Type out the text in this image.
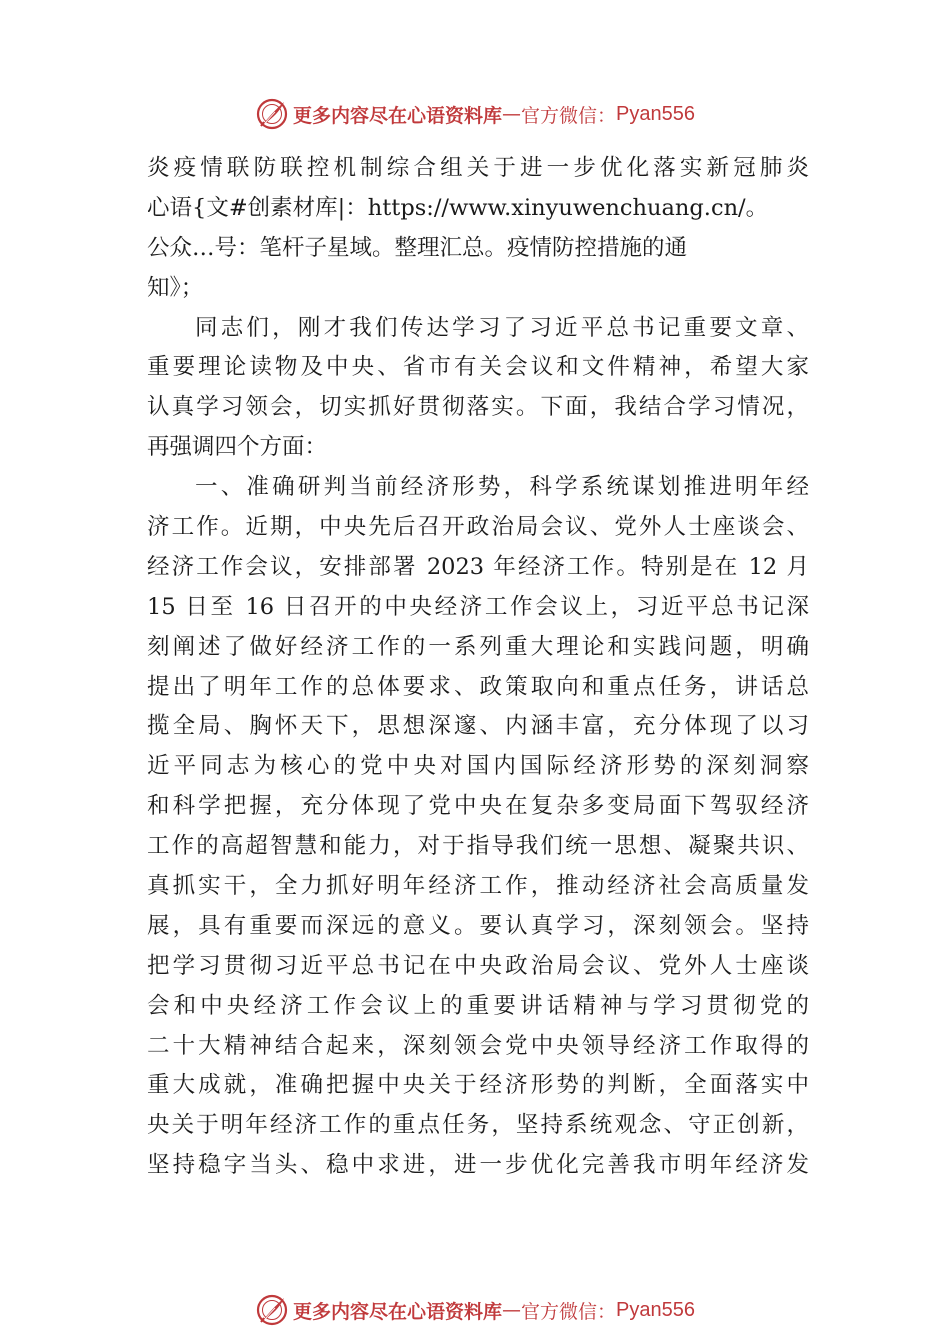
更多内容尽在心语资料库 — 官方微信： Pyan556
炎疫情联防联控机制综合组关于进一步优化落实新冠肺炎
心语{文#创素材库|：https://www.xinyuwenchuang.cn/。
公众…号：笔杆子星域。整理汇总。疫情防控措施的通
知》；
同志们，刚才我们传达学习了习近平总书记重要文章、
重要理论读物及中央、省市有关会议和文件精神，希望大家
认真学习领会，切实抓好贯彻落实。下面，我结合学习情况，
再强调四个方面：
一、准确研判当前经济形势，科学系统谋划推进明年经
济工作。近期，中央先后召开政治局会议、党外人士座谈会、
经济工作会议，安排部署 2023 年经济工作。特别是在 12 月
15 日至 16 日召开的中央经济工作会议上，习近平总书记深
刻阐述了做好经济工作的一系列重大理论和实践问题，明确
提出了明年工作的总体要求、政策取向和重点任务，讲话总
揽全局、胸怀天下，思想深邃、内涵丰富，充分体现了以习
近平同志为核心的党中央对国内国际经济形势的深刻洞察
和科学把握，充分体现了党中央在复杂多变局面下驾驭经济
工作的高超智慧和能力，对于指导我们统一思想、凝聚共识、
真抓实干，全力抓好明年经济工作，推动经济社会高质量发
展，具有重要而深远的意义。要认真学习，深刻领会。坚持
把学习贯彻习近平总书记在中央政治局会议、党外人士座谈
会和中央经济工作会议上的重要讲话精神与学习贯彻党的
二十大精神结合起来，深刻领会党中央领导经济工作取得的
重大成就，准确把握中央关于经济形势的判断，全面落实中
央关于明年经济工作的重点任务，坚持系统观念、守正创新，
坚持稳字当头、稳中求进，进一步优化完善我市明年经济发
更多内容尽在心语资料库 — 官方微信： Pyan556
